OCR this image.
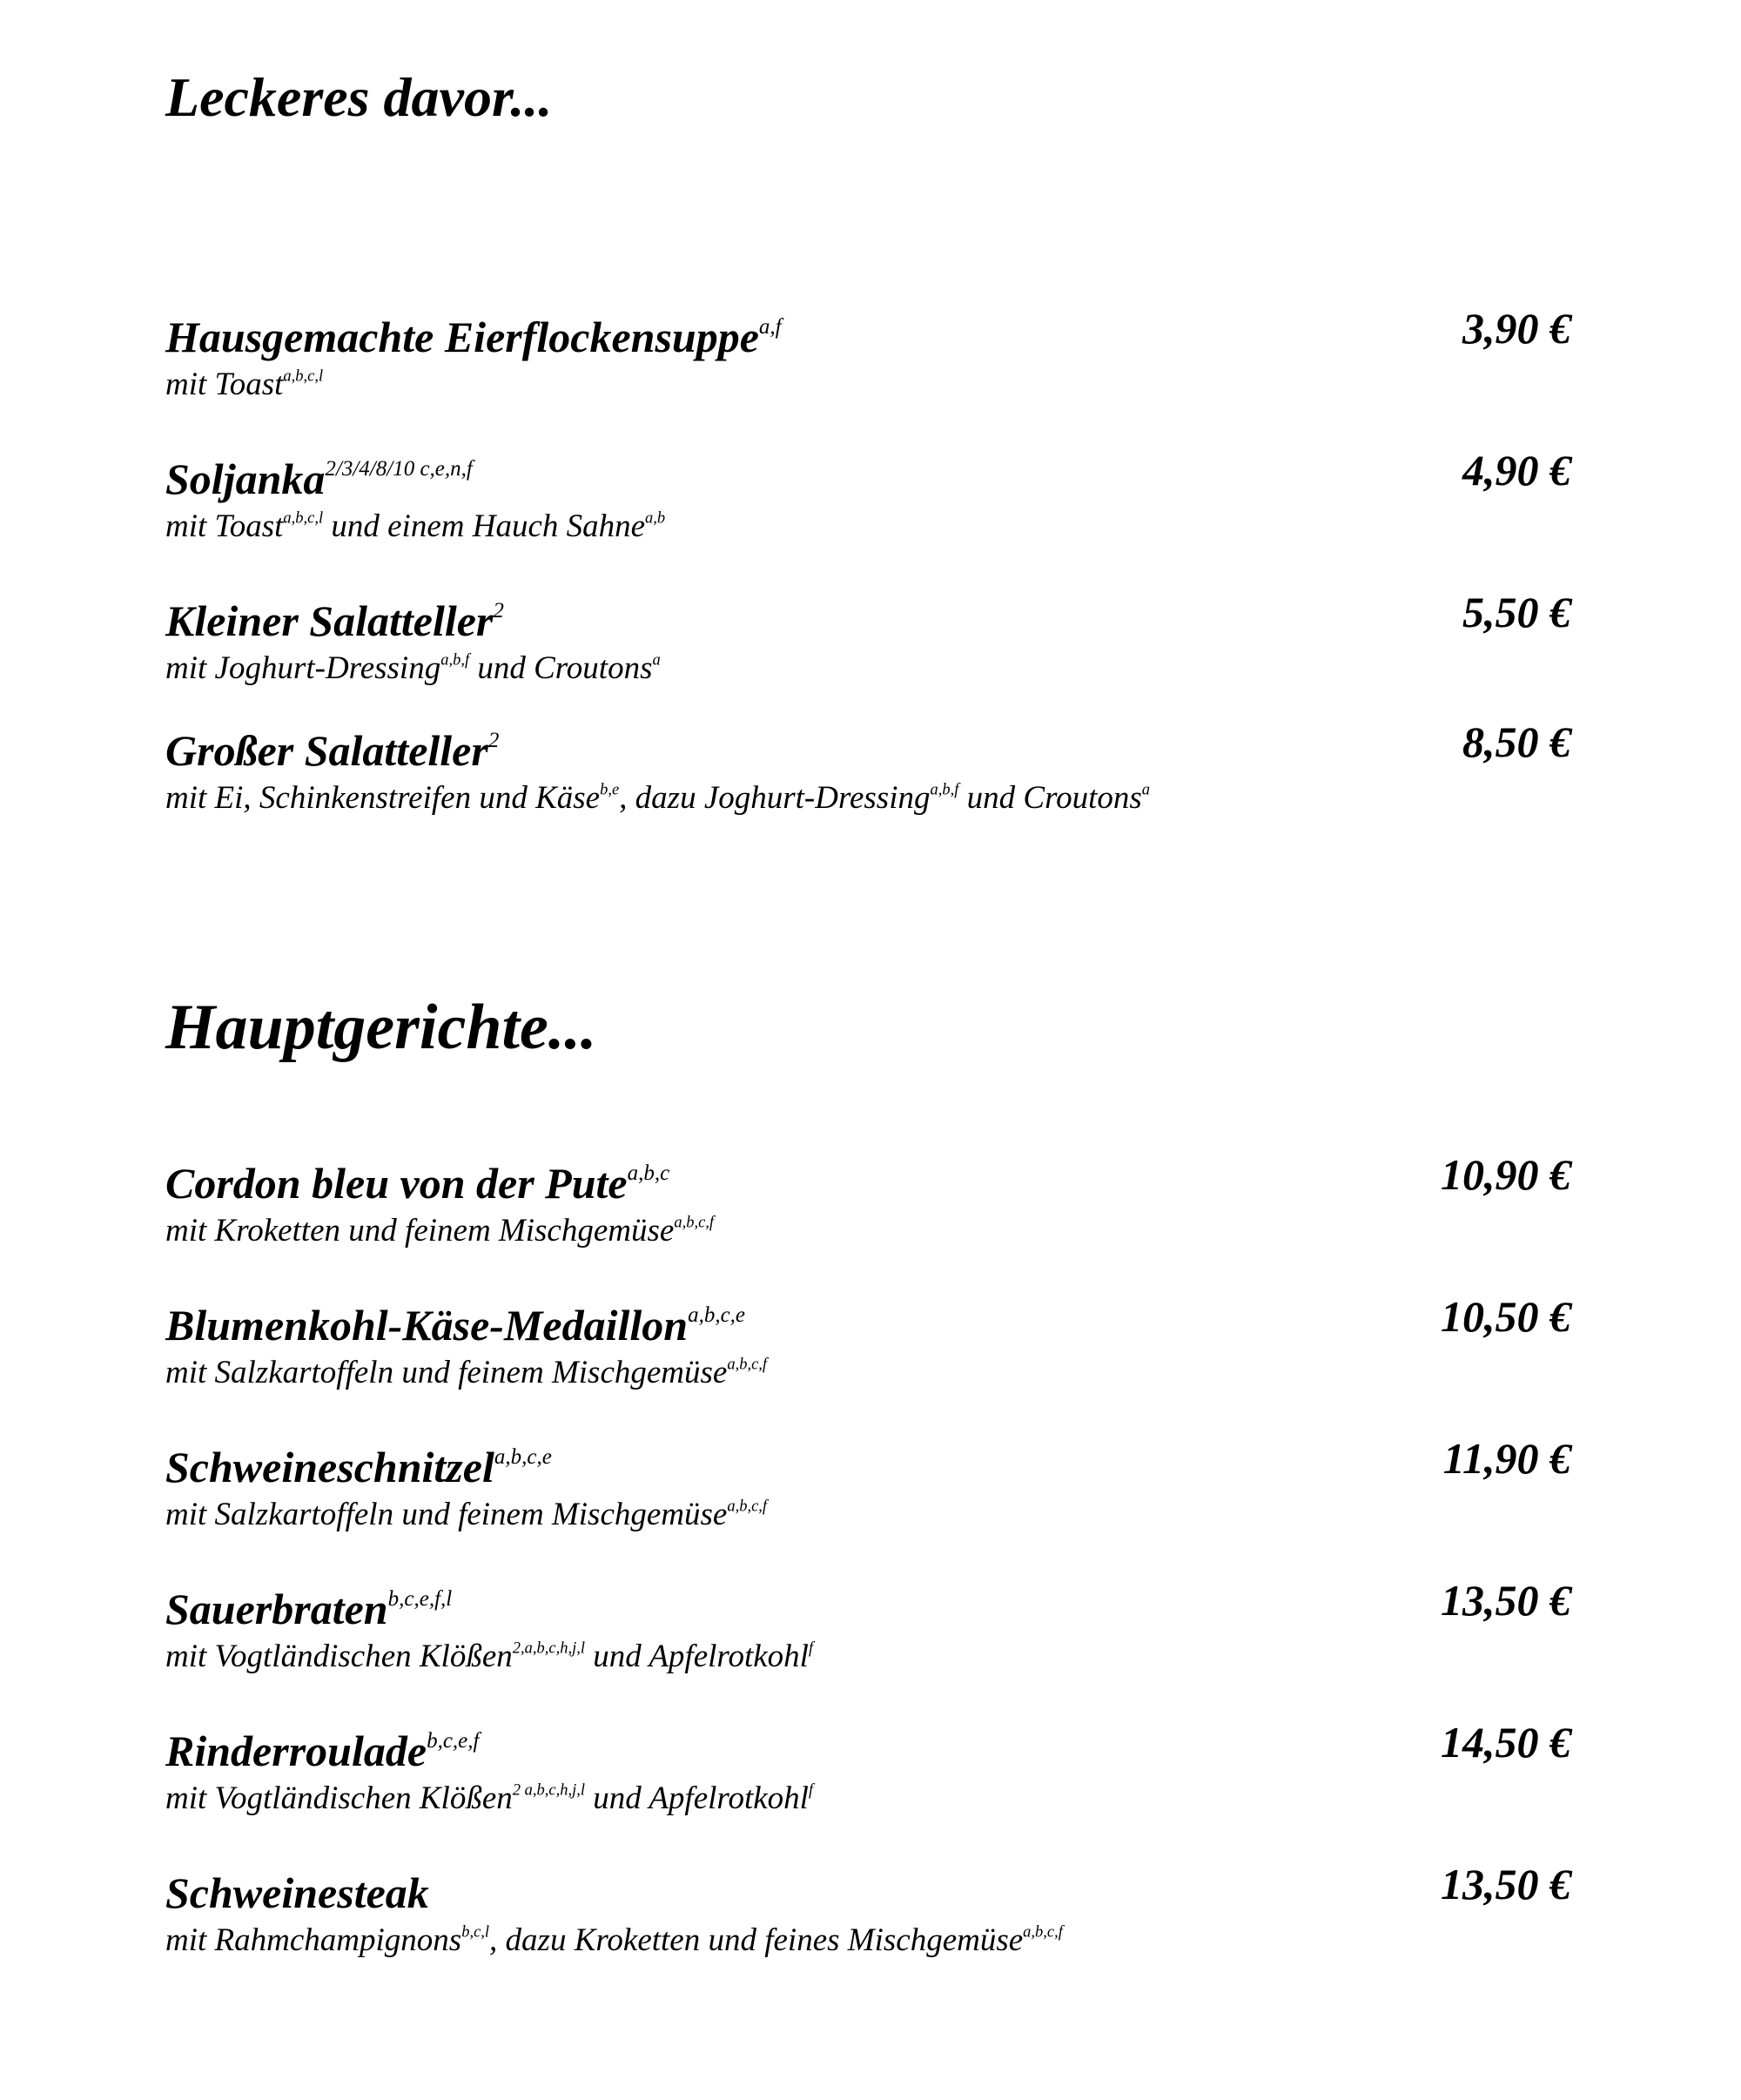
Leckeres davor...
Hausgemachte Eierflockensuppe$^{a,f}$
mit Toast$^{a,b,c,l}$
3,90 €
Soljanka$^{2/3/4/8/10 c,e,n,f}$
mit Toast$^{a,b,c,l}$ und einem Hauch Sahne$^{a,b}$
4,90 €
Kleiner Salatteller$^2$
mit Joghurt-Dressing$^{a,b,f}$ und Croutons$^a$
5,50 €
Großer Salatteller$^2$
mit Ei, Schinkenstreifen und Käse$^{b,e}$, dazu Joghurt-Dressing$^{a,b,f}$ und Croutons$^a$
8,50 €
Hauptgerichte...
Cordon bleu von der Pute$^{a,b,c}$
mit Kroketten und feinem Mischgemüse$^{a,b,c,f}$
10,90 €
Blumenkohl-Käse-Medaillon$^{a,b,c,e}$
mit Salzkartoffeln und feinem Mischgemüse$^{a,b,c,f}$
10,50 €
Schweineschnitzel$^{a,b,c,e}$
mit Salzkartoffeln und feinem Mischgemüse$^{a,b,c,f}$
11,90 €
Sauerbraten$^{b,c,e,f,l}$
mit Vogtländischen Klößen$^{2,a,b,c,h,j,l}$ und Apfelrotkohl$^f$
13,50 €
Rinderroulade$^{b,c,e,f}$
mit Vogtländischen Klößen$^{2 a,b,c,h,j,l}$ und Apfelrotkohl$^f$
14,50 €
Schweinesteak
mit Rahmchampignons$^{b,c,l}$, dazu Kroketten und feines Mischgemüse$^{a,b,c,f}$
13,50 €
